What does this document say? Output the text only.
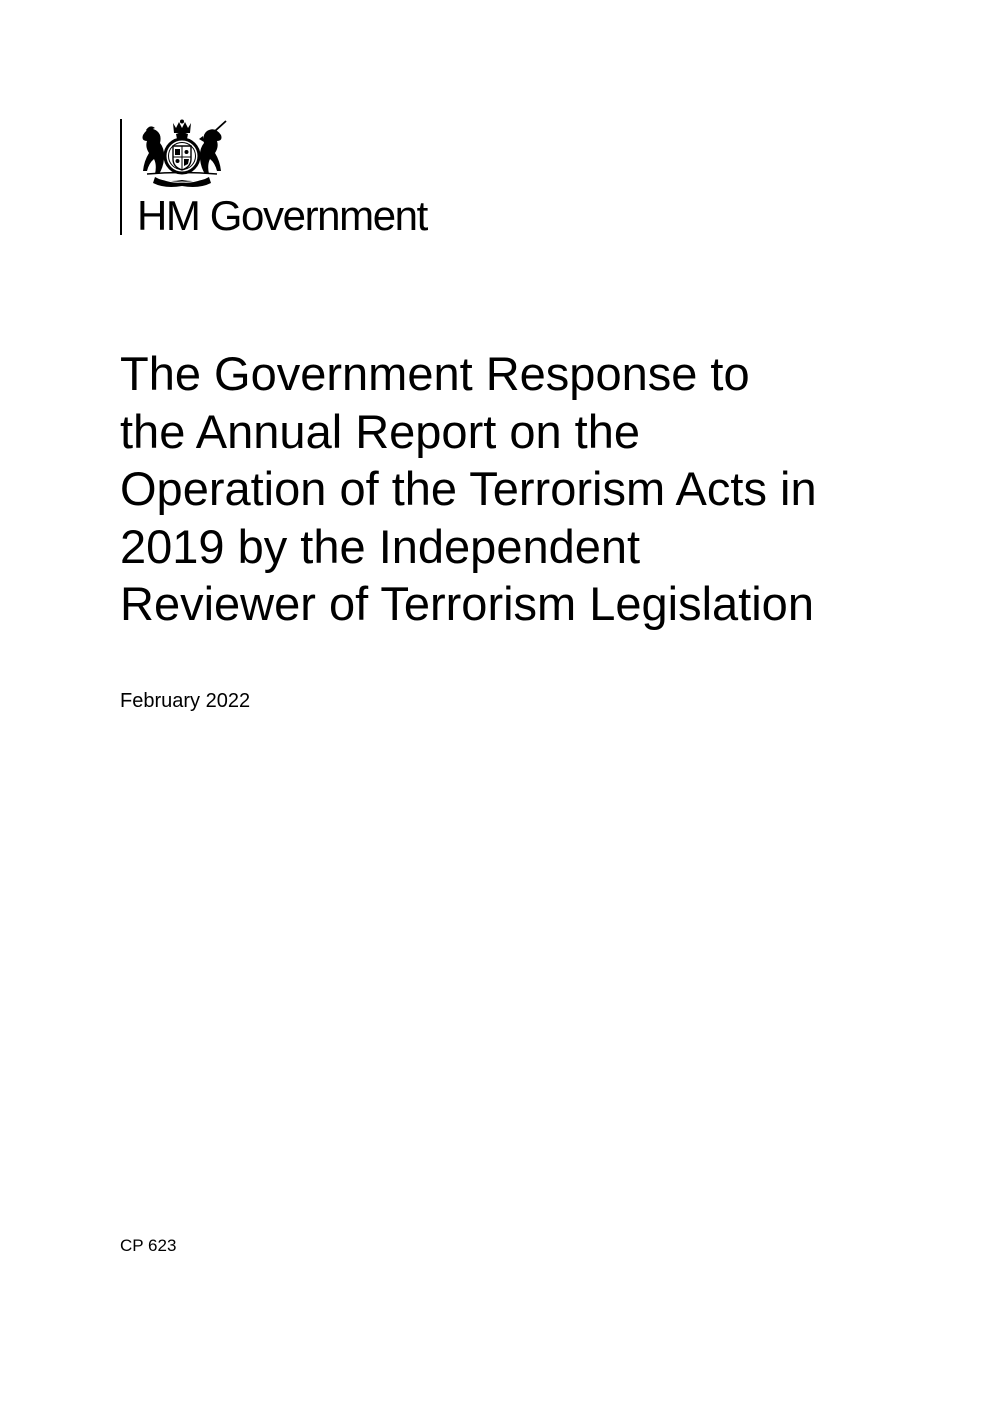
HM Government
The Government Response to
the Annual Report on the
Operation of the Terrorism Acts in
2019 by the Independent
Reviewer of Terrorism Legislation
February 2022
CP 623
